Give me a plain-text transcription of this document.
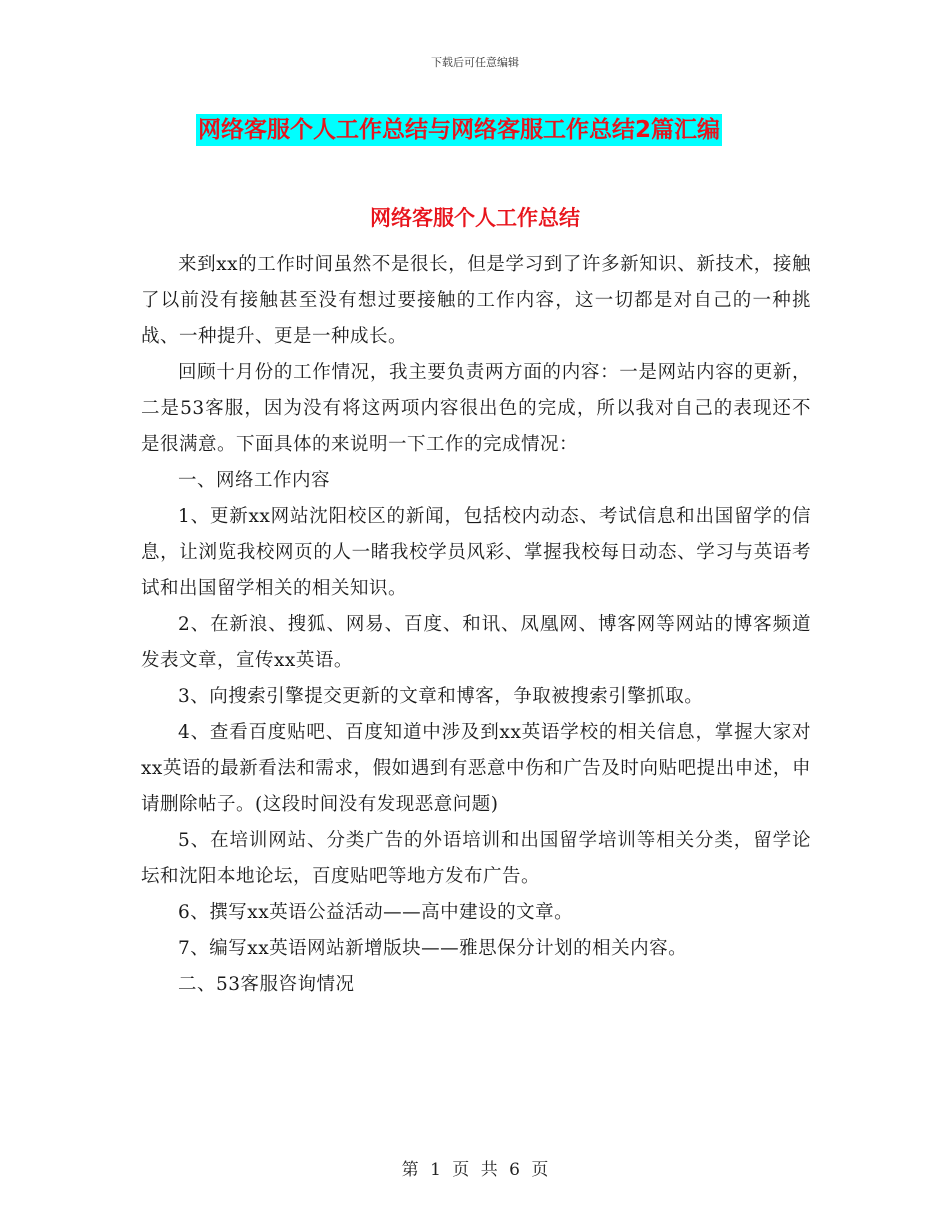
下载后可任意编辑
网络客服个人工作总结与网络客服工作总结2篇汇编
网络客服个人工作总结

来到xx的工作时间虽然不是很长，但是学习到了许多新知识、新技术，接触了以前没有接触甚至没有想过要接触的工作内容，这一切都是对自己的一种挑战、一种提升、更是一种成长。

回顾十月份的工作情况，我主要负责两方面的内容：一是网站内容的更新，二是53客服，因为没有将这两项内容很出色的完成，所以我对自己的表现还不是很满意。下面具体的来说明一下工作的完成情况：

一、网络工作内容

1、更新xx网站沈阳校区的新闻，包括校内动态、考试信息和出国留学的信息，让浏览我校网页的人一睹我校学员风彩、掌握我校每日动态、学习与英语考试和出国留学相关的相关知识。

2、在新浪、搜狐、网易、百度、和讯、凤凰网、博客网等网站的博客频道发表文章，宣传xx英语。

3、向搜索引擎提交更新的文章和博客，争取被搜索引擎抓取。

4、查看百度贴吧、百度知道中涉及到xx英语学校的相关信息，掌握大家对xx英语的最新看法和需求，假如遇到有恶意中伤和广告及时向贴吧提出申述，申请删除帖子。(这段时间没有发现恶意问题)

5、在培训网站、分类广告的外语培训和出国留学培训等相关分类，留学论坛和沈阳本地论坛，百度贴吧等地方发布广告。

6、撰写xx英语公益活动——高中建设的文章。

7、编写xx英语网站新增版块——雅思保分计划的相关内容。

二、53客服咨询情况

第 1 页 共 6 页
